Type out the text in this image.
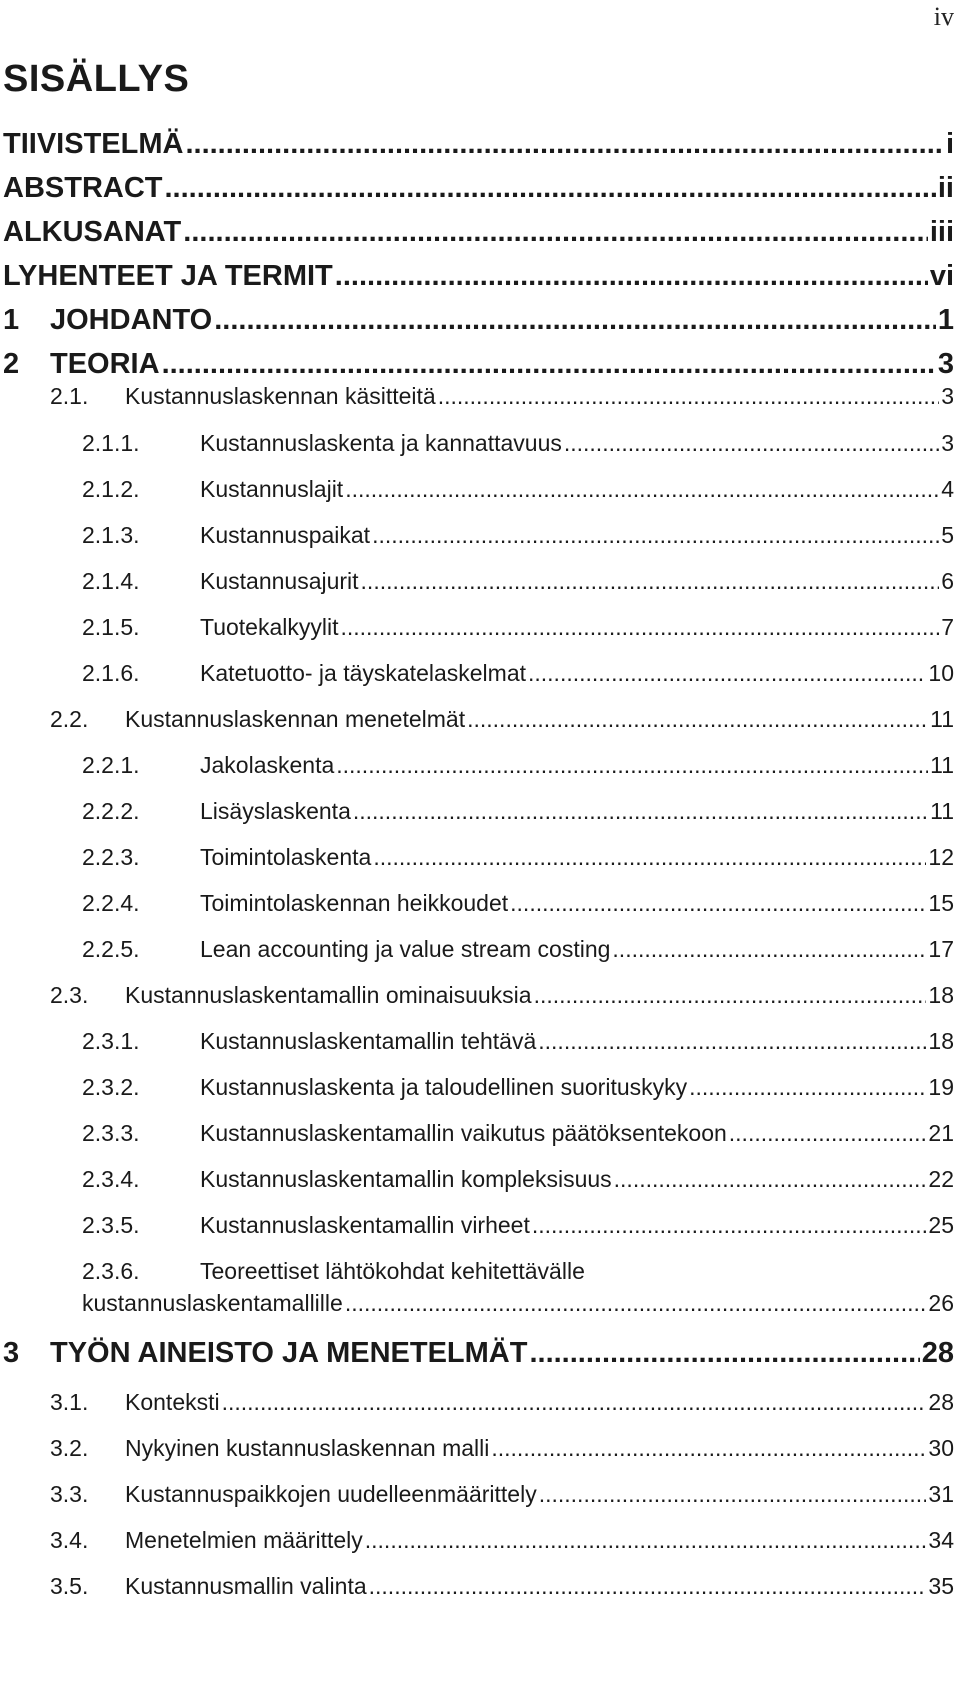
iv
SISÄLLYS
TIIVISTELMÄ .....	i
ABSTRACT .....	ii
ALKUSANAT .....	iii
LYHENTEET JA TERMIT .....	vi
1	JOHDANTO .....	1
2	TEORIA .....	3
2.1.	Kustannuslaskennan käsitteitä .....	3
2.1.1.	Kustannuslaskenta ja kannattavuus .....	3
2.1.2.	Kustannuslajit .....	4
2.1.3.	Kustannuspaikat .....	5
2.1.4.	Kustannusajurit .....	6
2.1.5.	Tuotekalkyylit .....	7
2.1.6.	Katetuotto- ja täyskatelaskelmat .....	10
2.2.	Kustannuslaskennan menetelmät .....	11
2.2.1.	Jakolaskenta .....	11
2.2.2.	Lisäyslaskenta .....	11
2.2.3.	Toimintolaskenta .....	12
2.2.4.	Toimintolaskennan heikkoudet .....	15
2.2.5.	Lean accounting ja value stream costing .....	17
2.3.	Kustannuslaskentamallin ominaisuuksia .....	18
2.3.1.	Kustannuslaskentamallin tehtävä .....	18
2.3.2.	Kustannuslaskenta ja taloudellinen suorituskyky .....	19
2.3.3.	Kustannuslaskentamallin vaikutus päätöksentekoon .....	21
2.3.4.	Kustannuslaskentamallin kompleksisuus .....	22
2.3.5.	Kustannuslaskentamallin virheet .....	25
2.3.6.	Teoreettiset lähtökohdat kehitettävälle
kustannuslaskentamallille .....	26
3	TYÖN AINEISTO JA MENETELMÄT .....	28
3.1.	Konteksti .....	28
3.2.	Nykyinen kustannuslaskennan malli .....	30
3.3.	Kustannuspaikkojen uudelleenmäärittely .....	31
3.4.	Menetelmien määrittely .....	34
3.5.	Kustannusmallin valinta .....	35
